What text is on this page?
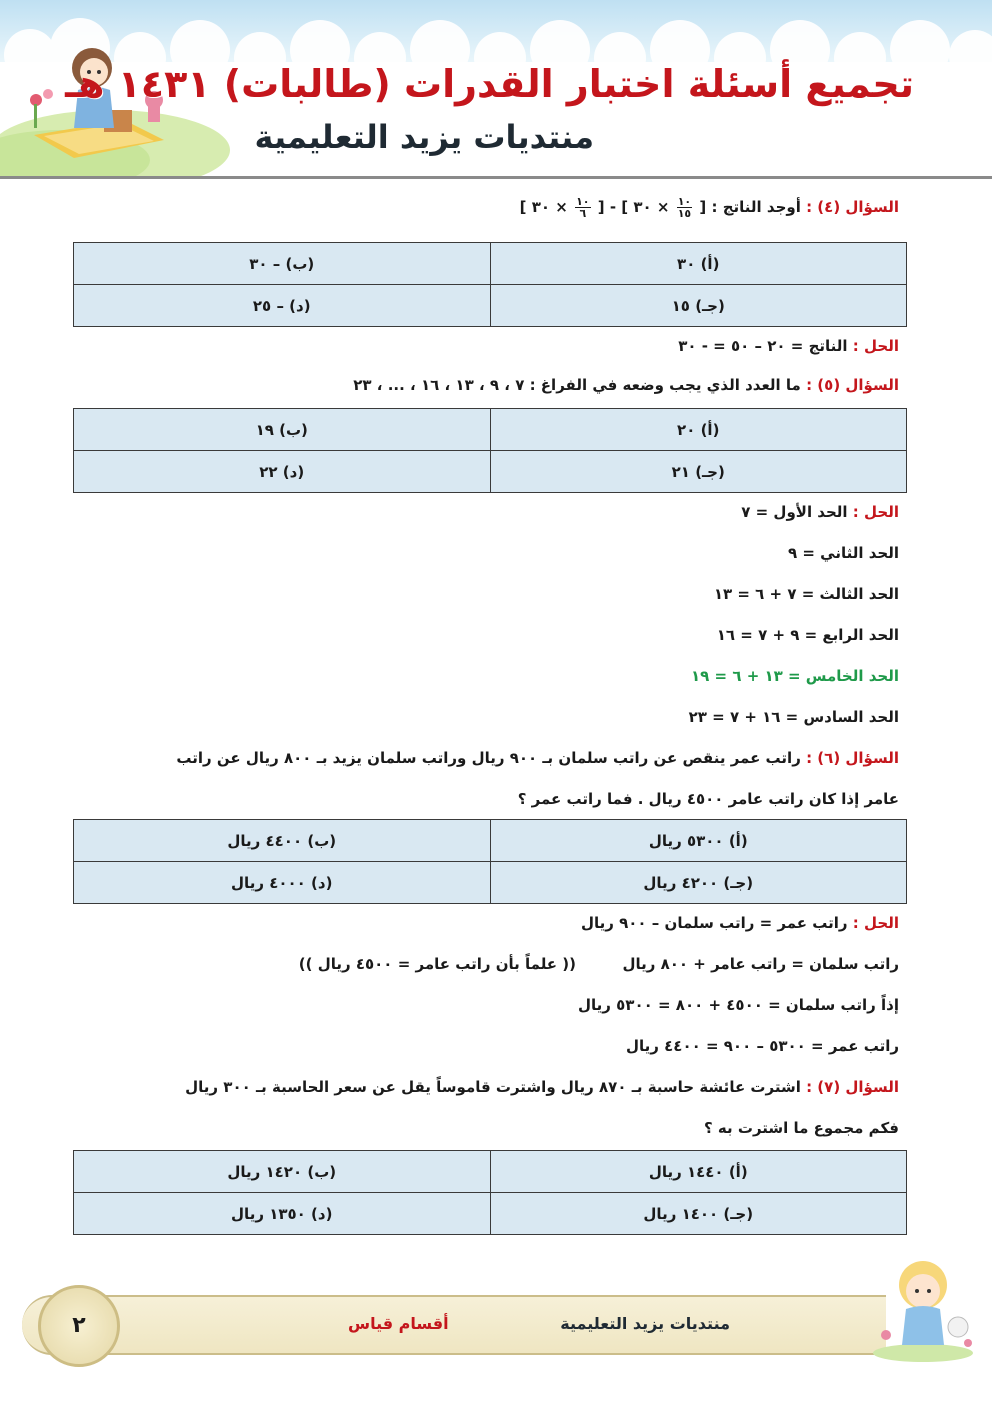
تجميع أسئلة اختبار القدرات (طالبات) ١٤٣١ هـ
منتديات يزيد التعليمية
السؤال (٤) : أوجد الناتج : [
$\frac{١٠}{١٥}$
× ٣٠ ] - [
$\frac{١٠}{٦}$
× ٣٠ ]
(أ) ٣٠	(ب) – ٣٠
(جـ) ١٥	(د) – ٢٥
الحل : الناتج = ٢٠ – ٥٠ = - ٣٠
السؤال (٥) : ما العدد الذي يجب وضعه في الفراغ : ٧ ، ٩ ، ١٣ ، ١٦ ، ... ، ٢٣
(أ) ٢٠	(ب) ١٩
(جـ) ٢١	(د) ٢٢
الحل : الحد الأول = ٧
الحد الثاني = ٩
الحد الثالث = ٧ + ٦ = ١٣
الحد الرابع = ٩ + ٧ = ١٦
الحد الخامس = ١٣ + ٦ = ١٩
الحد السادس = ١٦ + ٧ = ٢٣
السؤال (٦) : راتب عمر ينقص عن راتب سلمان بـ ٩٠٠ ريال وراتب سلمان يزيد بـ ٨٠٠ ريال عن راتب
عامر إذا كان راتب عامر ٤٥٠٠ ريال . فما راتب عمر ؟
(أ) ٥٣٠٠ ريال	(ب) ٤٤٠٠ ريال
(جـ) ٤٢٠٠ ريال	(د) ٤٠٠٠ ريال
الحل : راتب عمر = راتب سلمان – ٩٠٠ ريال
راتب سلمان = راتب عامر + ٨٠٠ ريال  (( علماً بأن راتب عامر = ٤٥٠٠ ريال ))
إذاً راتب سلمان = ٤٥٠٠ + ٨٠٠ = ٥٣٠٠ ريال
راتب عمر = ٥٣٠٠ – ٩٠٠ = ٤٤٠٠ ريال
السؤال (٧) : اشترت عائشة حاسبة بـ ٨٧٠ ريال واشترت قاموساً يقل عن سعر الحاسبة بـ ٣٠٠ ريال
فكم مجموع ما اشترت به ؟
(أ) ١٤٤٠ ريال	(ب) ١٤٢٠ ريال
(جـ) ١٤٠٠ ريال	(د) ١٣٥٠ ريال
٢	منتديات يزيد التعليمية
أقسام قياس
